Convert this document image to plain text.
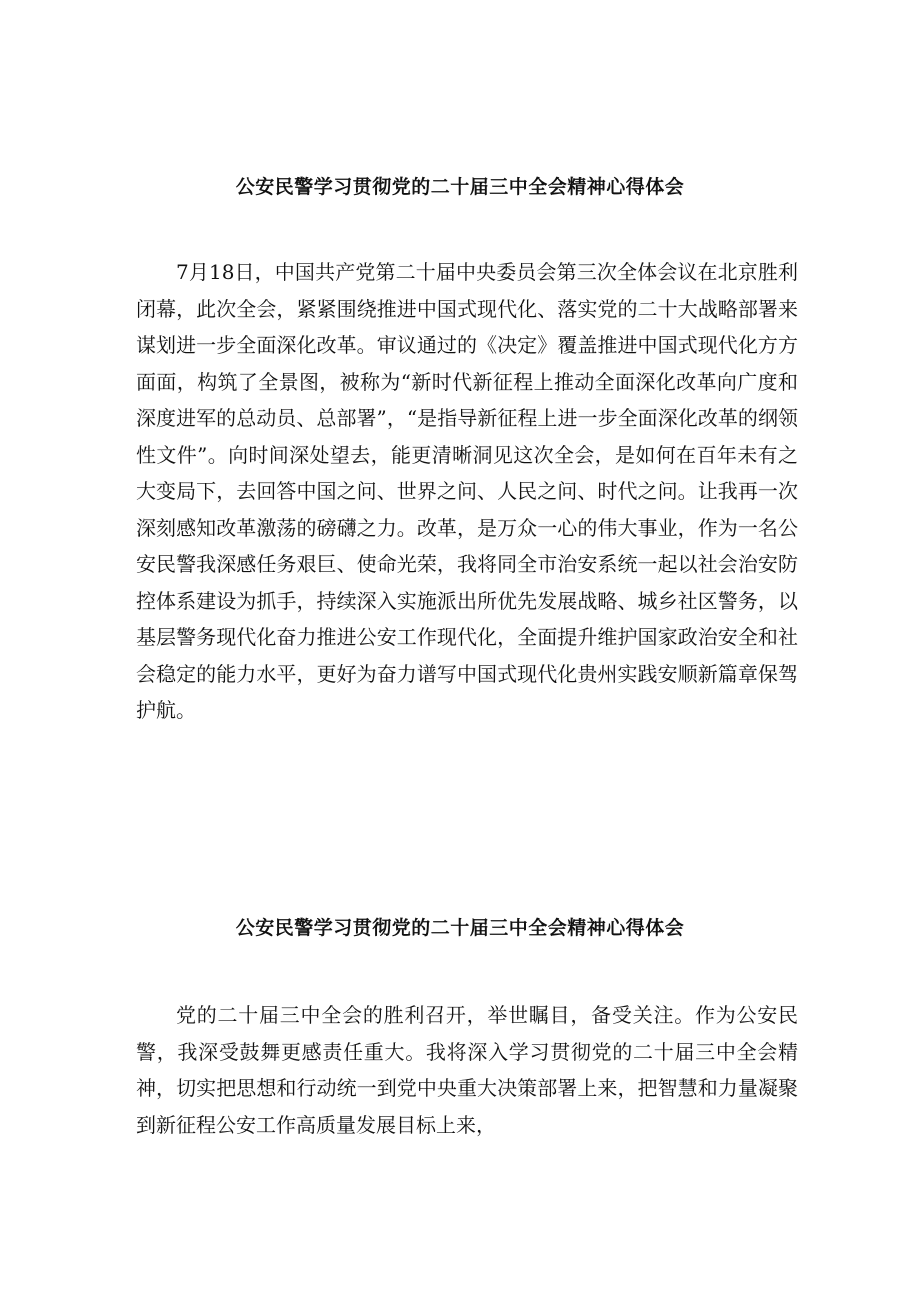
公安民警学习贯彻党的二十届三中全会精神心得体会

7月18日，中国共产党第二十届中央委员会第三次全体会议在北京胜利闭幕，此次全会，紧紧围绕推进中国式现代化、落实党的二十大战略部署来谋划进一步全面深化改革。审议通过的《决定》覆盖推进中国式现代化方方面面，构筑了全景图，被称为“新时代新征程上推动全面深化改革向广度和深度进军的总动员、总部署”，“是指导新征程上进一步全面深化改革的纲领性文件”。向时间深处望去，能更清晰洞见这次全会，是如何在百年未有之大变局下，去回答中国之问、世界之问、人民之问、时代之问。让我再一次深刻感知改革激荡的磅礴之力。改革，是万众一心的伟大事业，作为一名公安民警我深感任务艰巨、使命光荣，我将同全市治安系统一起以社会治安防控体系建设为抓手，持续深入实施派出所优先发展战略、城乡社区警务，以基层警务现代化奋力推进公安工作现代化，全面提升维护国家政治安全和社会稳定的能力水平，更好为奋力谱写中国式现代化贵州实践安顺新篇章保驾护航。

公安民警学习贯彻党的二十届三中全会精神心得体会

党的二十届三中全会的胜利召开，举世瞩目，备受关注。作为公安民警，我深受鼓舞更感责任重大。我将深入学习贯彻党的二十届三中全会精神，切实把思想和行动统一到党中央重大决策部署上来，把智慧和力量凝聚到新征程公安工作高质量发展目标上来，
